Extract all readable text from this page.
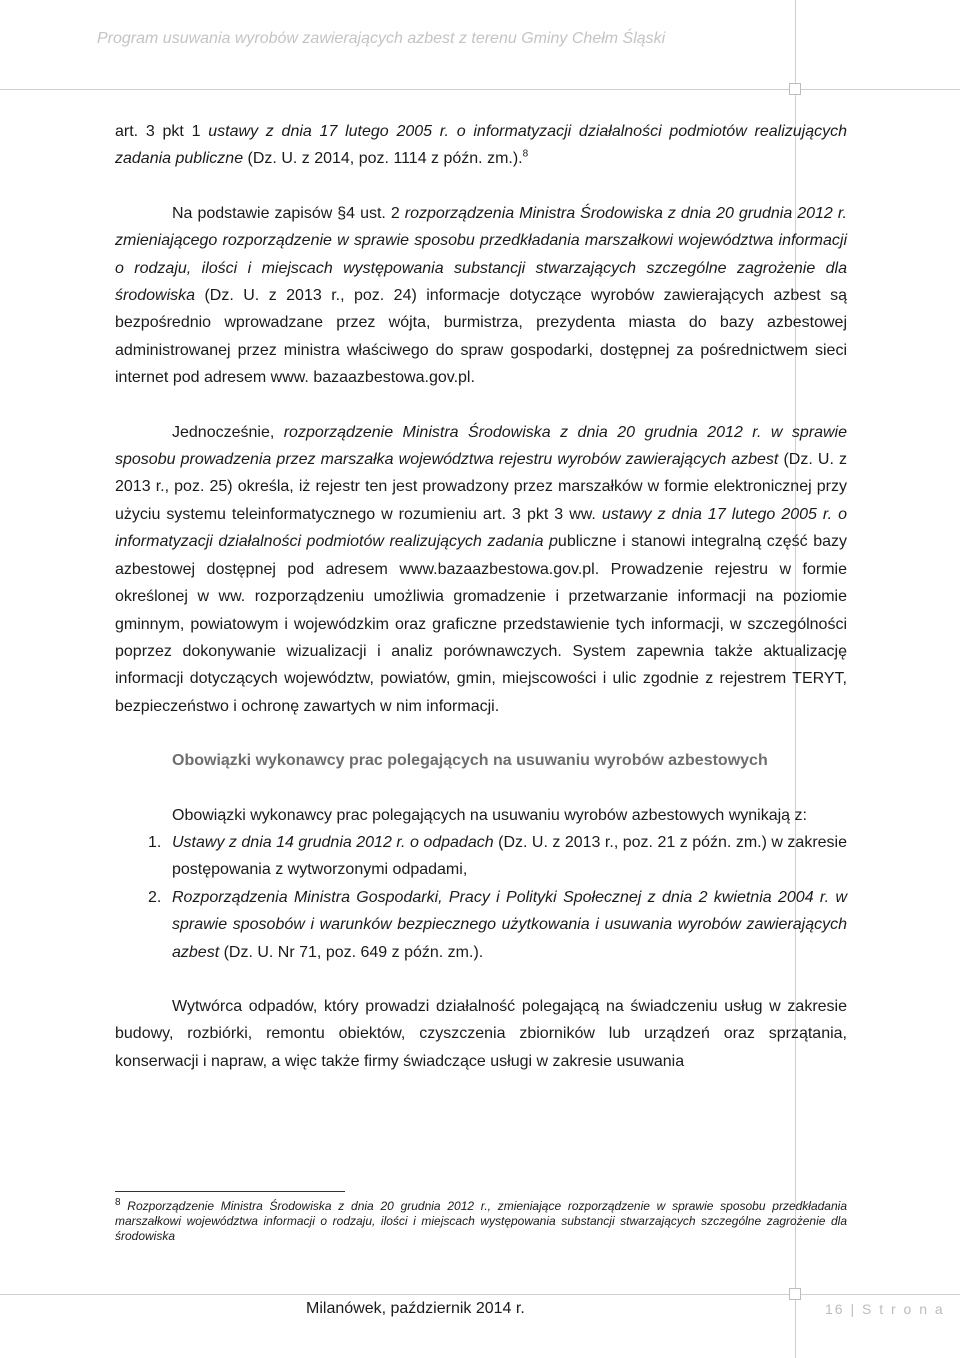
Program usuwania wyrobów zawierających azbest z terenu Gminy Chełm Śląski

art. 3 pkt 1 ustawy z dnia 17 lutego 2005 r. o informatyzacji działalności podmiotów realizujących zadania publiczne (Dz. U. z 2014, poz. 1114 z późn. zm.).$^8$

Na podstawie zapisów §4 ust. 2 rozporządzenia Ministra Środowiska z dnia 20 grudnia 2012 r. zmieniającego rozporządzenie w sprawie sposobu przedkładania marszałkowi województwa informacji o rodzaju, ilości i miejscach występowania substancji stwarzających szczególne zagrożenie dla środowiska (Dz. U. z 2013 r., poz. 24) informacje dotyczące wyrobów zawierających azbest są bezpośrednio wprowadzane przez wójta, burmistrza, prezydenta miasta do bazy azbestowej administrowanej przez ministra właściwego do spraw gospodarki, dostępnej za pośrednictwem sieci internet pod adresem www. bazaazbestowa.gov.pl.

Jednocześnie, rozporządzenie Ministra Środowiska z dnia 20 grudnia 2012 r. w sprawie sposobu prowadzenia przez marszałka województwa rejestru wyrobów zawierających azbest (Dz. U. z 2013 r., poz. 25) określa, iż rejestr ten jest prowadzony przez marszałków w formie elektronicznej przy użyciu systemu teleinformatycznego w rozumieniu art. 3 pkt 3 ww. ustawy z dnia 17 lutego 2005 r. o informatyzacji działalności podmiotów realizujących zadania publiczne i stanowi integralną część bazy azbestowej dostępnej pod adresem www.bazaazbestowa.gov.pl. Prowadzenie rejestru w formie określonej w ww. rozporządzeniu umożliwia gromadzenie i przetwarzanie informacji na poziomie gminnym, powiatowym i wojewódzkim oraz graficzne przedstawienie tych informacji, w szczególności poprzez dokonywanie wizualizacji i analiz porównawczych. System zapewnia także aktualizację informacji dotyczących województw, powiatów, gmin, miejscowości i ulic zgodnie z rejestrem TERYT, bezpieczeństwo i ochronę zawartych w nim informacji.

Obowiązki wykonawcy prac polegających na usuwaniu wyrobów azbestowych

Obowiązki wykonawcy prac polegających na usuwaniu wyrobów azbestowych wynikają z:

1. Ustawy z dnia 14 grudnia 2012 r. o odpadach (Dz. U. z 2013 r., poz. 21 z późn. zm.) w zakresie postępowania z wytworzonymi odpadami,
2. Rozporządzenia Ministra Gospodarki, Pracy i Polityki Społecznej z dnia 2 kwietnia 2004 r. w sprawie sposobów i warunków bezpiecznego użytkowania i usuwania wyrobów zawierających azbest (Dz. U. Nr 71, poz. 649 z późn. zm.).

Wytwórca odpadów, który prowadzi działalność polegającą na świadczeniu usług w zakresie budowy, rozbiórki, remontu obiektów, czyszczenia zbiorników lub urządzeń oraz sprzątania, konserwacji i napraw, a więc także firmy świadczące usługi w zakresie usuwania

$^8$ Rozporządzenie Ministra Środowiska z dnia 20 grudnia 2012 r., zmieniające rozporządzenie w sprawie sposobu przedkładania marszałkowi województwa informacji o rodzaju, ilości i miejscach występowania substancji stwarzających szczególne zagrożenie dla środowiska
Milanówek, październik 2014 r.	16 | S t r o n a
